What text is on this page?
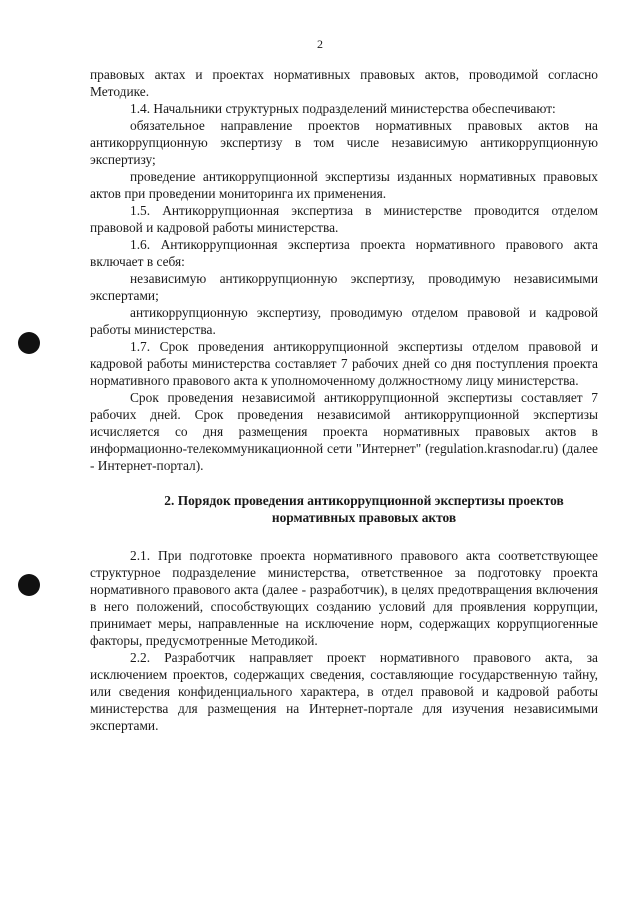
2

правовых актах и проектах нормативных правовых актов, проводимой согласно Методике.

1.4. Начальники структурных подразделений министерства обеспечивают:

обязательное направление проектов нормативных правовых актов на антикоррупционную экспертизу в том числе независимую антикоррупционную экспертизу;

проведение антикоррупционной экспертизы изданных нормативных правовых актов при проведении мониторинга их применения.

1.5. Антикоррупционная экспертиза в министерстве проводится отделом правовой и кадровой работы министерства.

1.6. Антикоррупционная экспертиза проекта нормативного правового акта включает в себя:

независимую антикоррупционную экспертизу, проводимую независимыми экспертами;

антикоррупционную экспертизу, проводимую отделом правовой и кадровой работы министерства.

1.7. Срок проведения антикоррупционной экспертизы отделом правовой и кадровой работы министерства составляет 7 рабочих дней со дня поступления проекта нормативного правового акта к уполномоченному должностному лицу министерства.

Срок проведения независимой антикоррупционной экспертизы составляет 7 рабочих дней. Срок проведения независимой антикоррупционной экспертизы исчисляется со дня размещения проекта нормативных правовых актов в информационно-телекоммуникационной сети "Интернет" (regulation.krasnodar.ru) (далее - Интернет-портал).

2. Порядок проведения антикоррупционной экспертизы проектов нормативных правовых актов

2.1. При подготовке проекта нормативного правового акта соответствующее структурное подразделение министерства, ответственное за подготовку проекта нормативного правового акта (далее - разработчик), в целях предотвращения включения в него положений, способствующих созданию условий для проявления коррупции, принимает меры, направленные на исключение норм, содержащих коррупциогенные факторы, предусмотренные Методикой.

2.2. Разработчик направляет проект нормативного правового акта, за исключением проектов, содержащих сведения, составляющие государственную тайну, или сведения конфиденциального характера, в отдел правовой и кадровой работы министерства для размещения на Интернет-портале для изучения независимыми экспертами.
